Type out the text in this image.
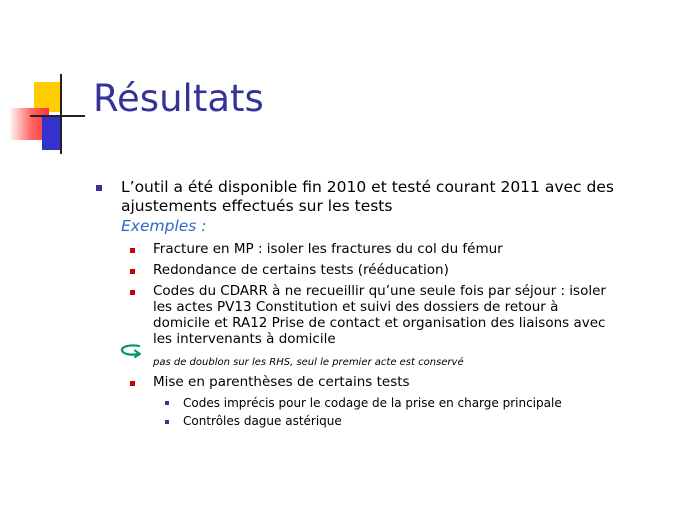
Résultats

L’outil a été disponible fin 2010 et testé courant 2011 avec des

ajustements effectués sur les tests

Exemples :

Fracture en MP : isoler les fractures du col du fémur

Redondance de certains tests (rééducation)

Codes du CDARR à ne recueillir qu’une seule fois par séjour : isoler

les actes PV13 Constitution et suivi des dossiers de retour à

domicile et RA12 Prise de contact et organisation des liaisons avec

les intervenants à domicile

pas de doublon sur les RHS, seul le premier acte est conservé

Mise en parenthèses de certains tests

Codes imprécis pour le codage de la prise en charge principale

Contrôles dague astérique
